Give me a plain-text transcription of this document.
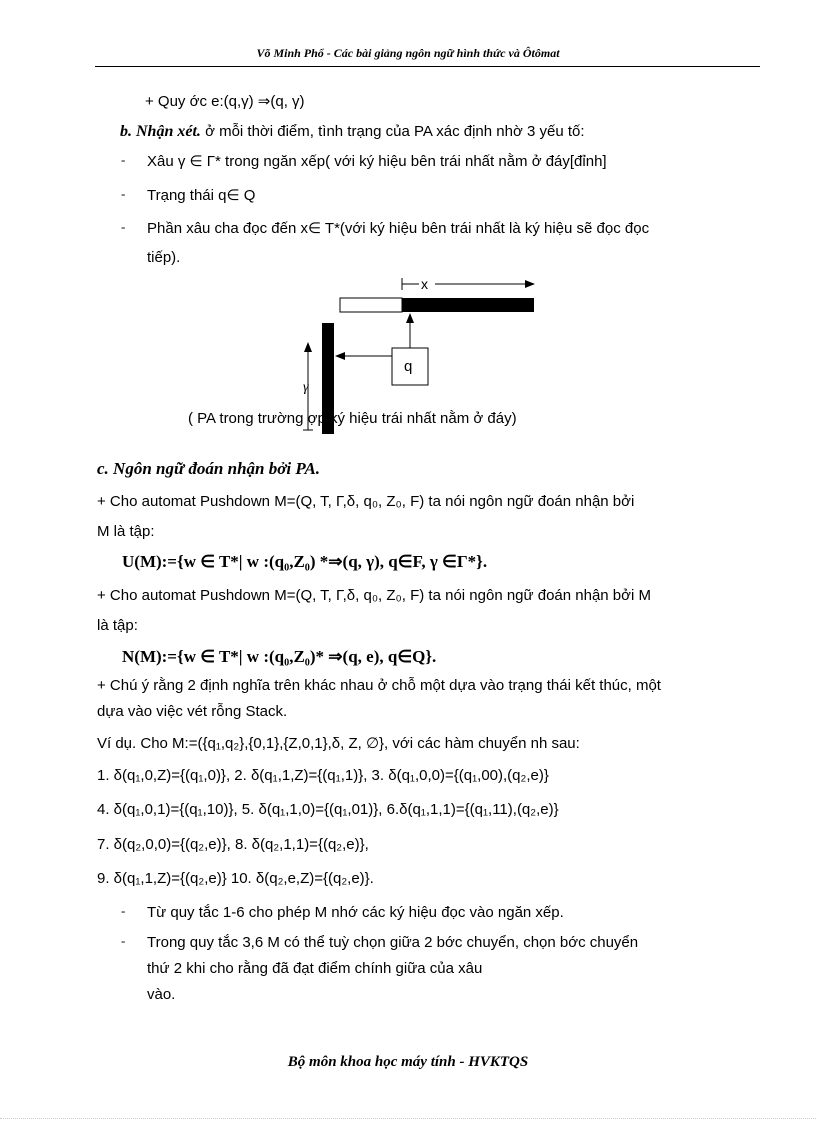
Võ Minh Phổ - Các bài giảng ngôn ngữ hình thức và Ôtômat
+ Quy ớc e:(q,γ) ⇒(q, γ)
b. Nhận xét. ở mỗi thời điểm, tình trạng của PA xác định nhờ 3 yếu tố:
- Xâu γ ∈ Γ* trong ngăn xếp( với ký hiệu bên trái nhất nằm ở đáy[đỉnh]
- Trạng thái q∈ Q
- Phần xâu cha đọc đến x∈ T*(với ký hiệu bên trái nhất là ký hiệu sẽ đọc đọc
tiếp).
x
q
γ
( PA trong trường ợp ký hiệu trái nhất nằm ở đáy)
c. Ngôn ngữ đoán nhận bởi PA.
+ Cho automat Pushdown M=(Q, T, Γ,δ, q₀, Z₀, F) ta nói ngôn ngữ đoán nhận bởi
M là tập:
U(M):={w ∈ T*| w :(q₀,Z₀) *⇒(q, γ), q∈F, γ ∈Γ*}.
+ Cho automat Pushdown M=(Q, T, Γ,δ, q₀, Z₀, F) ta nói ngôn ngữ đoán nhận bởi M
là tập:
N(M):={w ∈ T*| w :(q₀,Z₀)* ⇒(q, e), q∈Q}.
+ Chú ý rằng 2 định nghĩa trên khác nhau ở chỗ một dựa vào trạng thái kết thúc, một
dựa vào việc vét rỗng Stack.
Ví dụ. Cho M:=({q₁,q₂},{0,1},{Z,0,1},δ, Z, ∅}, với các hàm chuyển nh sau:
1. δ(q₁,0,Z)={(q₁,0)}, 2. δ(q₁,1,Z)={(q₁,1)}, 3. δ(q₁,0,0)={(q₁,00),(q₂,e)}
4. δ(q₁,0,1)={(q₁,10)}, 5. δ(q₁,1,0)={(q₁,01)}, 6.δ(q₁,1,1)={(q₁,11),(q₂,e)}
7. δ(q₂,0,0)={(q₂,e)}, 8. δ(q₂,1,1)={(q₂,e)},
9. δ(q₁,1,Z)={(q₂,e)} 10. δ(q₂,e,Z)={(q₂,e)}.
- Từ quy tắc 1-6 cho phép M nhớ các ký hiệu đọc vào ngăn xếp.
- Trong quy tắc 3,6 M có thể tuỳ chọn giữa 2 bớc chuyển, chọn bớc chuyển
thứ 2 khi cho rằng đã đạt điểm chính giữa của xâu
vào.
Bộ môn khoa học máy tính - HVKTQS
